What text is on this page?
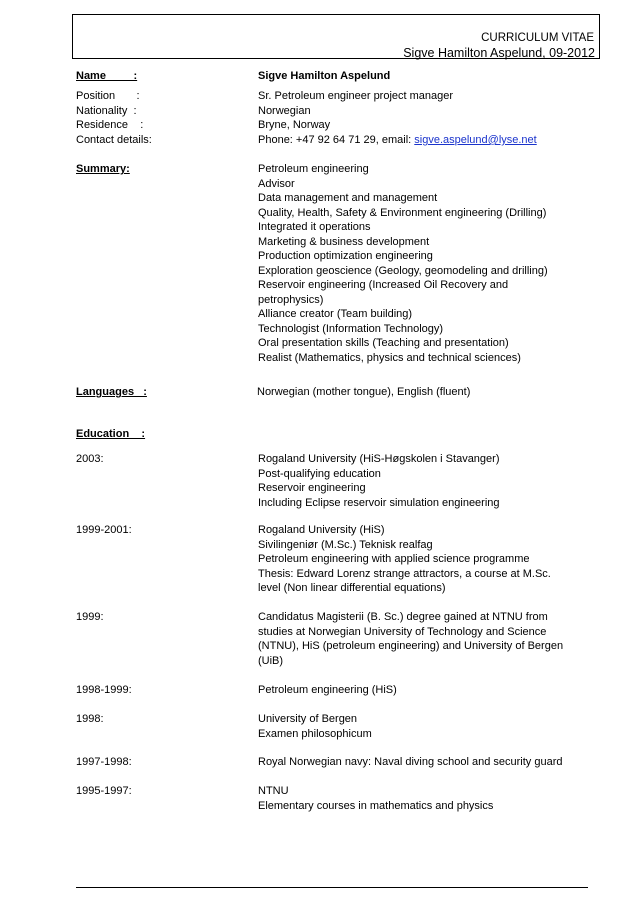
CURRICULUM VITAE
Sigve Hamilton Aspelund, 09-2012
Name         :	Sigve Hamilton Aspelund
Position       :	Sr. Petroleum engineer project manager
Nationality  :	Norwegian
Residence    :	Bryne, Norway
Contact details:	Phone: +47 92 64 71 29, email: sigve.aspelund@lyse.net
Summary:	Petroleum engineering
Advisor
Data management and management
Quality, Health, Safety & Environment engineering (Drilling)
Integrated it operations
Marketing & business development
Production optimization engineering
Exploration geoscience (Geology, geomodeling and drilling)
Reservoir engineering (Increased Oil Recovery and
petrophysics)
Alliance creator (Team building)
Technologist (Information Technology)
Oral presentation skills (Teaching and presentation)
Realist (Mathematics, physics and technical sciences)
Languages   :	Norwegian (mother tongue), English (fluent)
Education    :
2003:	Rogaland University (HiS-Høgskolen i Stavanger)
Post-qualifying education
Reservoir engineering
Including Eclipse reservoir simulation engineering
1999-2001:	Rogaland University (HiS)
Sivilingeniør (M.Sc.) Teknisk realfag
Petroleum engineering with applied science programme
Thesis: Edward Lorenz strange attractors, a course at M.Sc.
level (Non linear differential equations)
1999:	Candidatus Magisterii (B. Sc.) degree gained at NTNU from
studies at Norwegian University of Technology and Science
(NTNU), HiS (petroleum engineering) and University of Bergen
(UiB)
1998-1999:	Petroleum engineering (HiS)
1998:	University of Bergen
Examen philosophicum
1997-1998:	Royal Norwegian navy: Naval diving school and security guard
1995-1997:	NTNU
Elementary courses in mathematics and physics
